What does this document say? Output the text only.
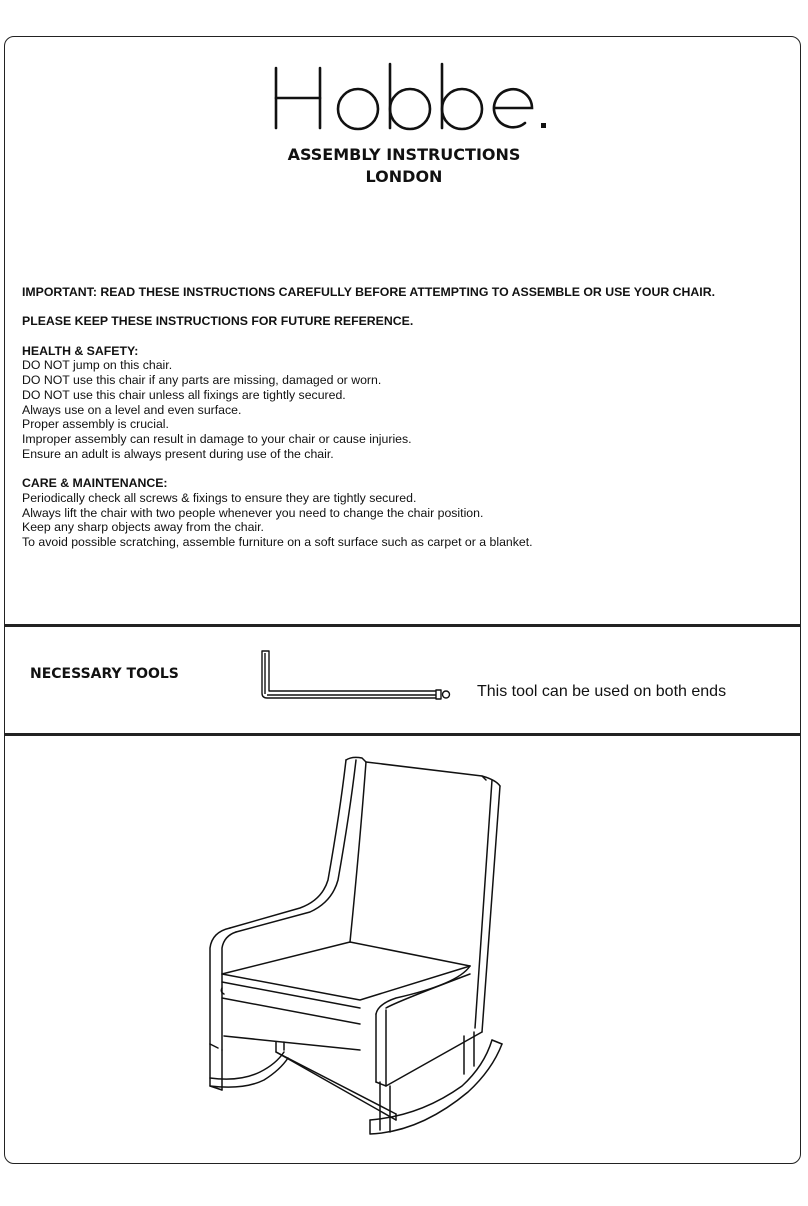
ASSEMBLY INSTRUCTIONS
LONDON

IMPORTANT: READ THESE INSTRUCTIONS CAREFULLY BEFORE ATTEMPTING TO ASSEMBLE OR USE YOUR CHAIR.

PLEASE KEEP THESE INSTRUCTIONS FOR FUTURE REFERENCE.

HEALTH & SAFETY:

DO NOT jump on this chair.

DO NOT use this chair if any parts are missing, damaged or worn.

DO NOT use this chair unless all fixings are tightly secured.

Always use on a level and even surface.

Proper assembly is crucial.

Improper assembly can result in damage to your chair or cause injuries.

Ensure an adult is always present during use of the chair.

CARE & MAINTENANCE:

Periodically check all screws & fixings to ensure they are tightly secured.

Always lift the chair with two people whenever you need to change the chair position.

Keep any sharp objects away from the chair.

To avoid possible scratching, assemble furniture on a soft surface such as carpet or a blanket.

NECESSARY TOOLS
This tool can be used on both ends
